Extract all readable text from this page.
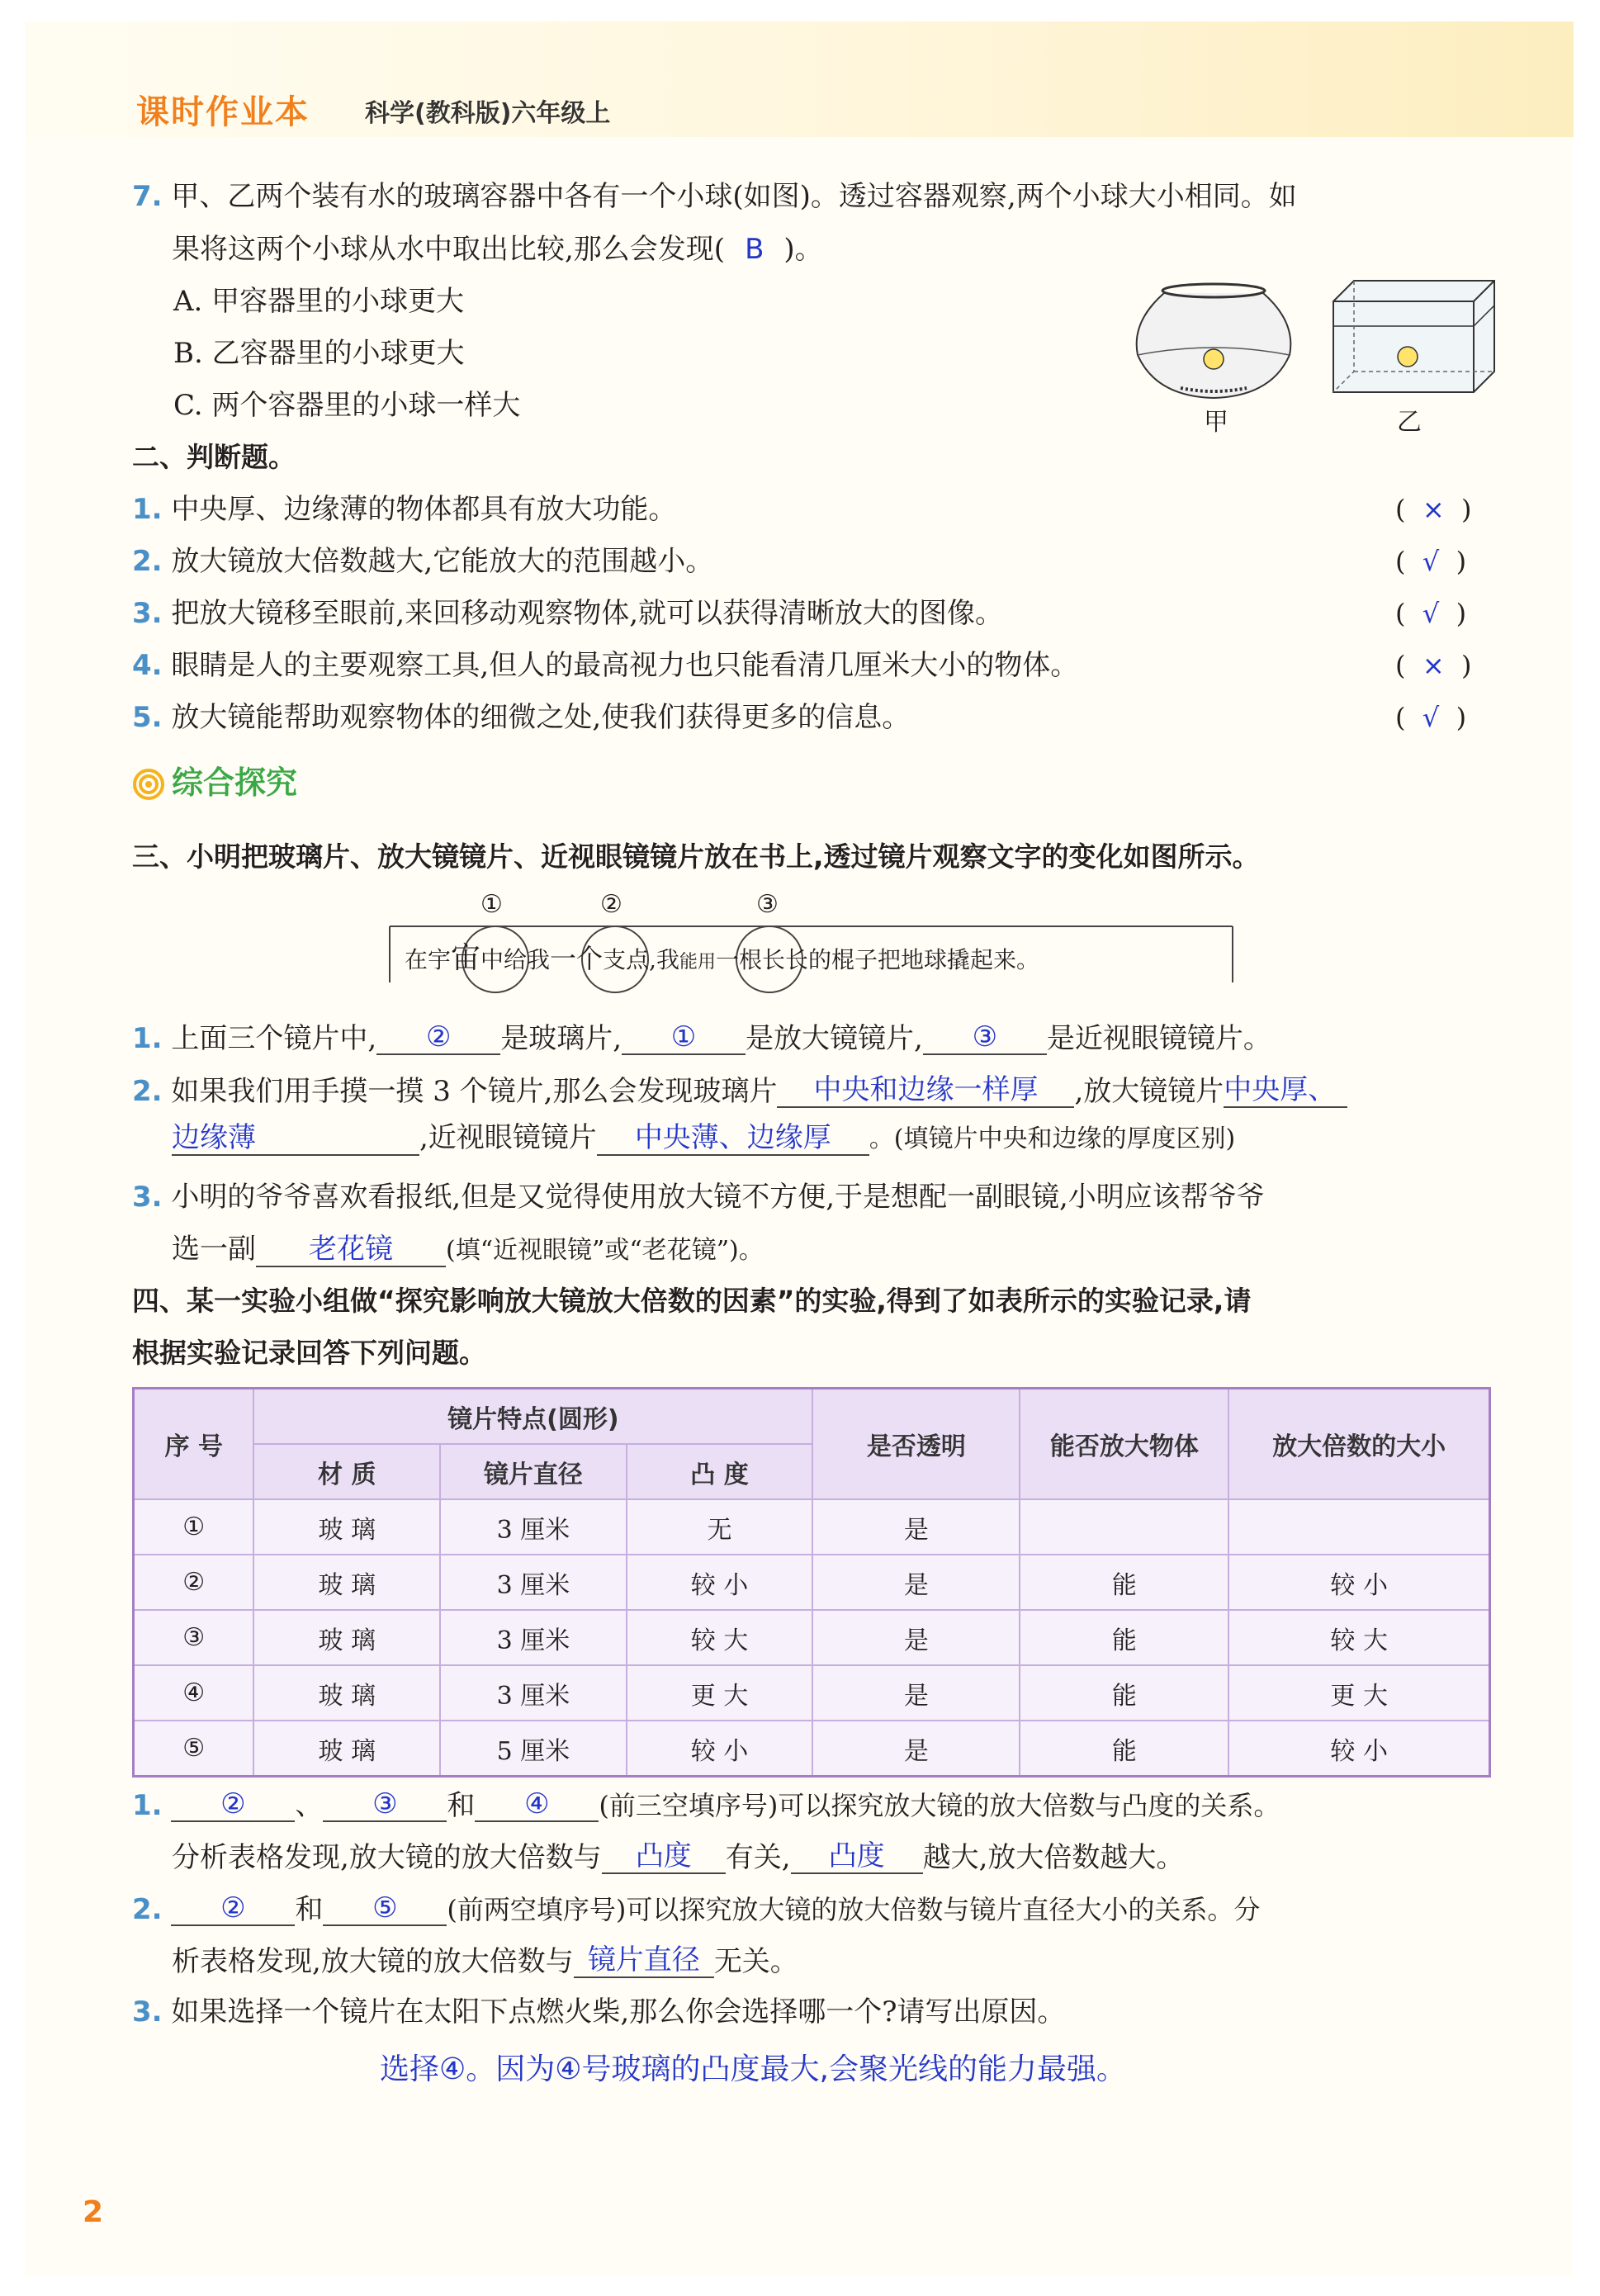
课时作业本 科学(教科版)六年级上
7. 甲、乙两个装有水的玻璃容器中各有一个小球(如图)。透过容器观察,两个小球大小相同。如
果将这两个小球从水中取出比较,那么会发现( B )。
A. 甲容器里的小球更大
B. 乙容器里的小球更大
C. 两个容器里的小球一样大
甲	乙
二、判断题。
1. 中央厚、边缘薄的物体都具有放大功能。	(  ×  )
2. 放大镜放大倍数越大,它能放大的范围越小。	(  √  )
3. 把放大镜移至眼前,来回移动观察物体,就可以获得清晰放大的图像。	(  √  )
4. 眼睛是人的主要观察工具,但人的最高视力也只能看清几厘米大小的物体。	(  ×  )
5. 放大镜能帮助观察物体的细微之处,使我们获得更多的信息。	(  √  )
综合探究
三、小明把玻璃片、放大镜镜片、近视眼镜镜片放在书上,透过镜片观察文字的变化如图所示。
①	②	③
在宇宙中给我一个支点,我能用一根长长的棍子把地球撬起来。
1. 上面三个镜片中, ② 是玻璃片, ① 是放大镜镜片, ③ 是近视眼镜镜片。
2. 如果我们用手摸一摸 3 个镜片,那么会发现玻璃片 中央和边缘一样厚 ,放大镜镜片中央厚、
边缘薄	,近视眼镜镜片 中央薄、边缘厚 。(填镜片中央和边缘的厚度区别)
3. 小明的爷爷喜欢看报纸,但是又觉得使用放大镜不方便,于是想配一副眼镜,小明应该帮爷爷
选一副 老花镜 (填“近视眼镜”或“老花镜”)。
四、某一实验小组做“探究影响放大镜放大倍数的因素”的实验,得到了如表所示的实验记录,请
根据实验记录回答下列问题。
序 号	镜片特点(圆形)			是否透明	能否放大物体	放大倍数的大小
	材 质	镜片直径	凸 度			
①	玻 璃	3 厘米	无	是		
②	玻 璃	3 厘米	较 小	是	能	较 小
③	玻 璃	3 厘米	较 大	是	能	较 大
④	玻 璃	3 厘米	更 大	是	能	更 大
⑤	玻 璃	5 厘米	较 小	是	能	较 小
1. ② 、 ③ 和 ④ (前三空填序号)可以探究放大镜的放大倍数与凸度的关系。
分析表格发现,放大镜的放大倍数与 凸度 有关, 凸度 越大,放大倍数越大。
2. ② 和 ⑤ (前两空填序号)可以探究放大镜的放大倍数与镜片直径大小的关系。分
析表格发现,放大镜的放大倍数与 镜片直径 无关。
3. 如果选择一个镜片在太阳下点燃火柴,那么你会选择哪一个?请写出原因。
选择④。因为④号玻璃的凸度最大,会聚光线的能力最强。
2
